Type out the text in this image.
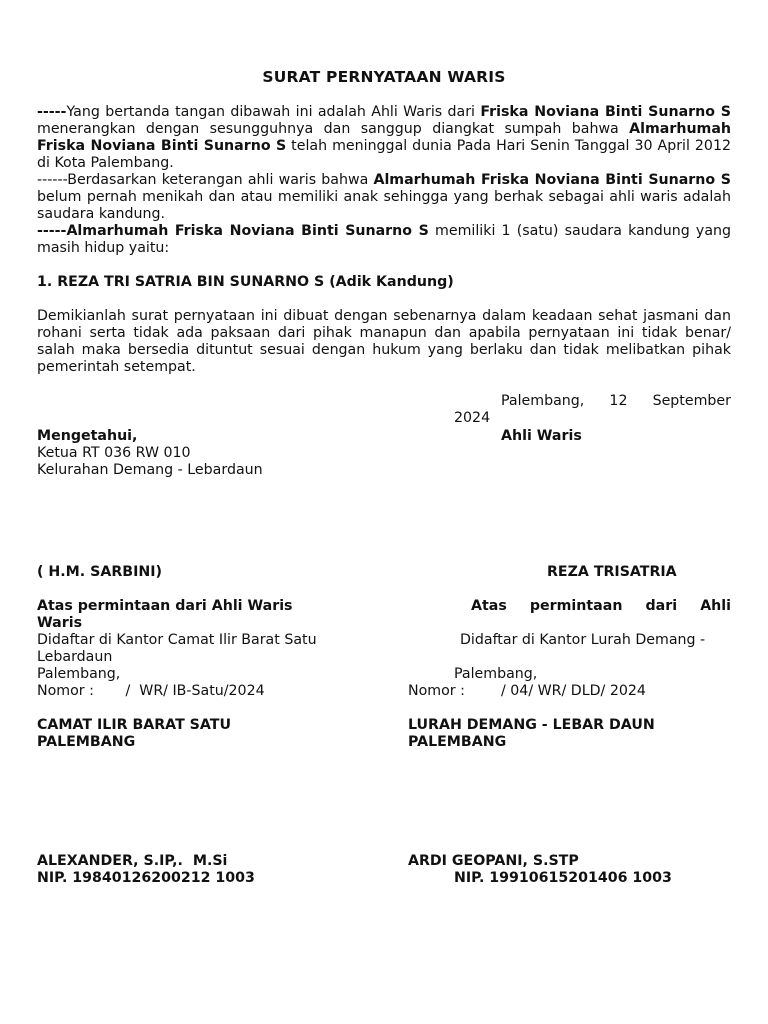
SURAT PERNYATAAN WARIS

-----Yang bertanda tangan dibawah ini adalah Ahli Waris dari Friska Noviana Binti Sunarno S menerangkan dengan sesungguhnya dan sanggup diangkat sumpah bahwa Almarhumah Friska Noviana Binti Sunarno S telah meninggal dunia Pada Hari Senin Tanggal 30 April 2012 di Kota Palembang.

------Berdasarkan keterangan ahli waris bahwa Almarhumah Friska Noviana Binti Sunarno S belum pernah menikah dan atau memiliki anak sehingga yang berhak sebagai ahli waris adalah saudara kandung.

-----Almarhumah Friska Noviana Binti Sunarno S memiliki 1 (satu) saudara kandung yang masih hidup yaitu:

1. REZA TRI SATRIA BIN SUNARNO S (Adik Kandung)

Demikianlah surat pernyataan ini dibuat dengan sebenarnya dalam keadaan sehat jasmani dan rohani serta tidak ada paksaan dari pihak manapun dan apabila pernyataan ini tidak benar/ salah maka bersedia dituntut sesuai dengan hukum yang berlaku dan tidak melibatkan pihak pemerintah setempat.

Palembang, 12 September
2024
Mengetahui,
Ketua RT 036 RW 010
Kelurahan Demang - Lebardaun
Ahli Waris
( H.M. SARBINI)	REZA TRISATRIA
Atas permintaan dari Ahli Waris
Didaftar di Kantor Camat Ilir Barat Satu Lebardaun
Palembang,
Nomor :       /  WR/ IB-Satu/2024
CAMAT ILIR BARAT SATU
PALEMBANG
ALEXANDER, S.IP,.  M.Si
NIP. 19840126200212 1003
Atas permintaan dari Ahli
Waris
Didaftar di Kantor Lurah Demang -
Palembang,
Nomor :        / 04/ WR/ DLD/ 2024
LURAH DEMANG - LEBAR DAUN
PALEMBANG
ARDI GEOPANI, S.STP
NIP. 19910615201406 1003
